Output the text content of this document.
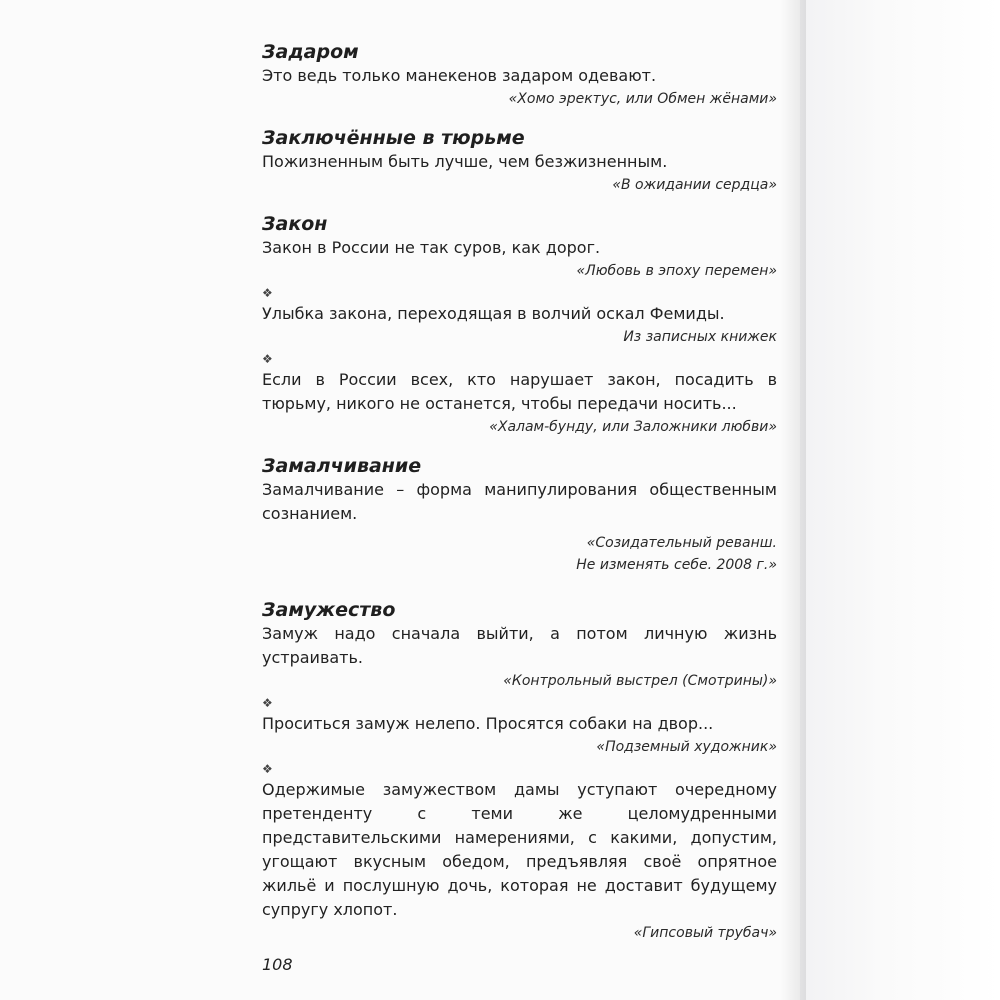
Задаром

Это ведь только манекенов задаром одевают.

«Хомо эректус, или Обмен жёнами»

Заключённые в тюрьме

Пожизненным быть лучше, чем безжизненным.

«В ожидании сердца»

Закон

Закон в России не так суров, как дорог.

«Любовь в эпоху перемен»

❖

Улыбка закона, переходящая в волчий оскал Фемиды.

Из записных книжек

❖

Если в России всех, кто нарушает закон, посадить в тюрьму, никого не останется, чтобы передачи носить...

«Халам-бунду, или Заложники любви»

Замалчивание

Замалчивание – форма манипулирования общественным сознанием.

«Созидательный реванш.

Не изменять себе. 2008 г.»

Замужество

Замуж надо сначала выйти, а потом личную жизнь устраивать.

«Контрольный выстрел (Смотрины)»

❖

Проситься замуж нелепо. Просятся собаки на двор...

«Подземный художник»

❖

Одержимые замужеством дамы уступают очередному претенденту с теми же целомудренными представительскими намерениями, с какими, допустим, угощают вкусным обедом, предъявляя своё опрятное жильё и послушную дочь, которая не доставит будущему супругу хлопот.

«Гипсовый трубач»

108
